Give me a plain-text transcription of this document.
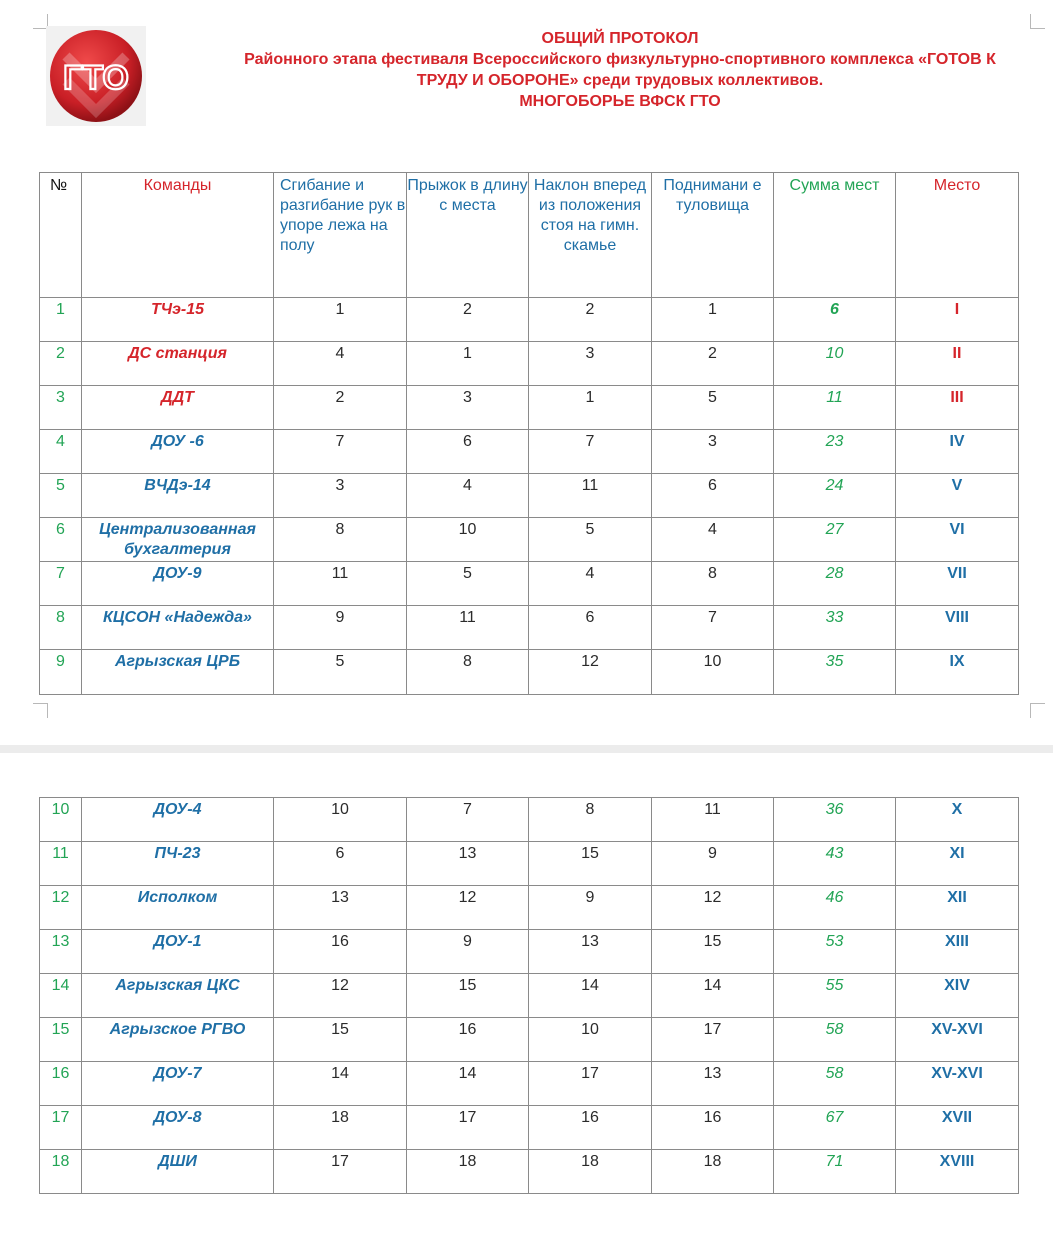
ГТО
ОБЩИЙ ПРОТОКОЛ
Районного этапа фестиваля Всероссийского физкультурно-спортивного комплекса «ГОТОВ К
ТРУДУ И ОБОРОНЕ» среди трудовых коллективов.
МНОГОБОРЬЕ ВФСК ГТО
№	Команды	Сгибание и разгибание рук в упоре лежа на полу	Прыжок в длину с места	Наклон вперед из положения стоя на гимн. скамье	Поднимани е туловища	Сумма мест	Место
1	ТЧэ-15	1	2	2	1	6	I
2	ДС станция	4	1	3	2	10	II
3	ДДТ	2	3	1	5	11	III
4	ДОУ -6	7	6	7	3	23	IV
5	ВЧДэ-14	3	4	11	6	24	V
6	Централизованная бухгалтерия	8	10	5	4	27	VI
7	ДОУ-9	11	5	4	8	28	VII
8	КЦСОН «Надежда»	9	11	6	7	33	VIII
9	Агрызская ЦРБ	5	8	12	10	35	IX
10	ДОУ-4	10	7	8	11	36	X
11	ПЧ-23	6	13	15	9	43	XI
12	Исполком	13	12	9	12	46	XII
13	ДОУ-1	16	9	13	15	53	XIII
14	Агрызская ЦКС	12	15	14	14	55	XIV
15	Агрызское РГВО	15	16	10	17	58	XV-XVI
16	ДОУ-7	14	14	17	13	58	XV-XVI
17	ДОУ-8	18	17	16	16	67	XVII
18	ДШИ	17	18	18	18	71	XVIII
